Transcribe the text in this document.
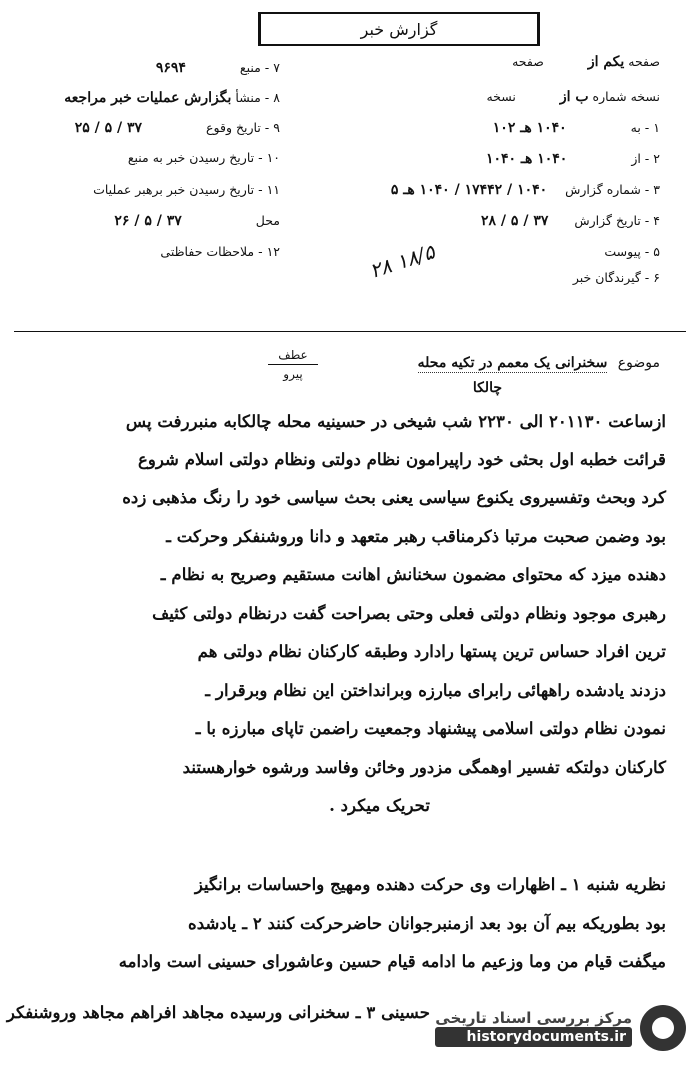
گزارش خبر
صفحه یکم از صفحه
نسخه شماره ب از نسخه
۱ - به ۱۰۴۰ هـ ۱۰۲
۲ - از ۱۰۴۰ هـ ۱۰۴۰
۳ - شماره گزارش ۱۰۴۰ / ۱۷۴۴۲ / ۱۰۴۰ هـ ۵
۴ - تاریخ گزارش ۳۷ / ۵ / ۲۸
۵ - پیوست
۶ - گیرندگان خبر
۷ - منبع ۹۶۹۴
۸ - منشأ بگزارش عملیات خبر مراجعه
۹ - تاریخ وقوع ۳۷ / ۵ / ۲۵
۱۰ - تاریخ رسیدن خبر به منبع
۱۱ - تاریخ رسیدن خبر برهبر عملیات
محل ۳۷ / ۵ / ۲۶
۱۲ - ملاحظات حفاظتی
۱۸/۵ ۲۸
موضوع سخنرانی یک معمم در تکیه محله
چالکا
عطف
پیرو
ازساعت ۲۰۱۱۳۰ الی ۲۲۳۰ شب شیخی در حسینیه محله چالکابه منبررفت پس
قرائت خطبه اول بحثی خود راپیرامون نظام دولتی ونظام دولتی اسلام شروع
کرد وبحث وتفسیروی یکنوع سیاسی یعنی بحث سیاسی خود را رنگ مذهبی زده
بود وضمن صحبت مرتبا ذکرمناقب رهبر متعهد و دانا وروشنفکر وحرکت ـ
دهنده میزد که محتوای مضمون سخنانش اهانت مستقیم وصریح به نظام ـ
رهبری موجود ونظام دولتی فعلی وحتی بصراحت گفت درنظام دولتی کثیف
ترین افراد حساس ترین پستها رادارد وطبقه کارکنان نظام دولتی هم
دزدند یادشده راههائی رابرای مبارزه وبرانداختن این نظام وبرقرار ـ
نمودن نظام دولتی اسلامی پیشنهاد وجمعیت راضمن تاپای مبارزه با ـ
کارکنان دولتکه تفسیر اوهمگی مزدور وخائن وفاسد ورشوه خوارهستند
تحریک میکرد .
نظریه شنبه ۱ ـ اظهارات وی حرکت دهنده ومهیج واحساسات برانگیز
بود بطوریکه بیم آن بود بعد ازمنبرجوانان حاضرحرکت کنند ۲ ـ یادشده
میگفت قیام من وما وزعیم ما ادامه قیام حسین وعاشورای حسینی است وادامه
حسینی ۳ ـ سخنرانی ورسیده مجاهد افراهم مجاهد وروشنفکر مرکز بررسی اسناد تاریخی
historydocuments.ir
